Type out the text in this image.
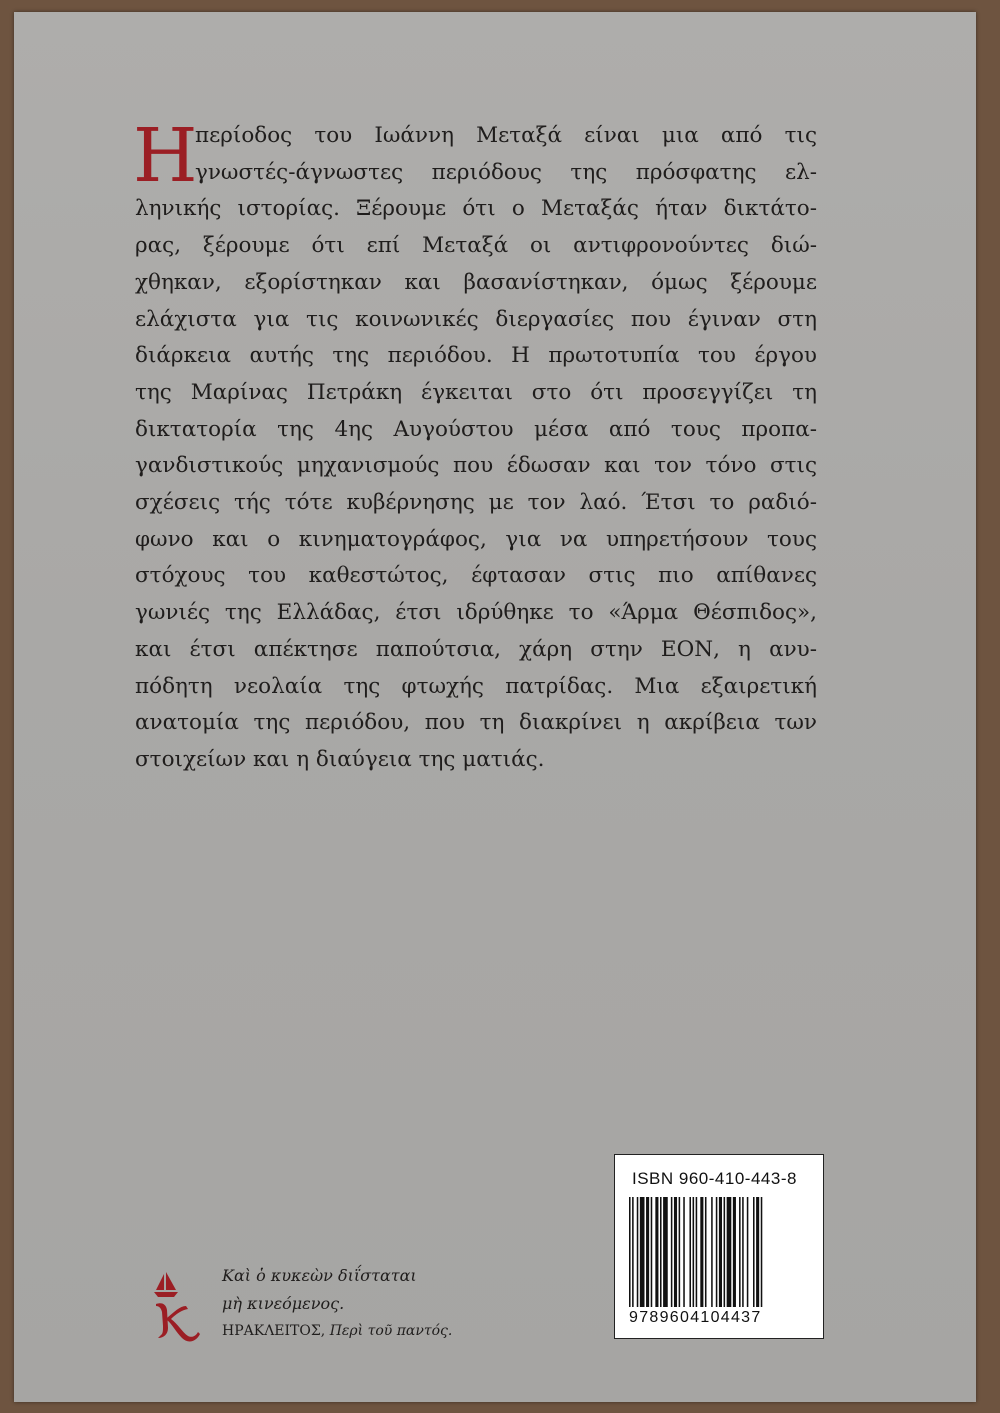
Η
περίοδος του Ιωάννη Μεταξά είναι μια από τις
γνωστές-άγνωστες περιόδους της πρόσφατης ελ-
ληνικής ιστορίας. Ξέρουμε ότι ο Μεταξάς ήταν δικτάτο-
ρας, ξέρουμε ότι επί Μεταξά οι αντιφρονούντες διώ-
χθηκαν, εξορίστηκαν και βασανίστηκαν, όμως ξέρουμε
ελάχιστα για τις κοινωνικές διεργασίες που έγιναν στη
διάρκεια αυτής της περιόδου. Η πρωτοτυπία του έργου
της Μαρίνας Πετράκη έγκειται στο ότι προσεγγίζει τη
δικτατορία της 4ης Αυγούστου μέσα από τους προπα-
γανδιστικούς μηχανισμούς που έδωσαν και τον τόνο στις
σχέσεις τής τότε κυβέρνησης με τον λαό. Έτσι το ραδιό-
φωνο και ο κινηματογράφος, για να υπηρετήσουν τους
στόχους του καθεστώτος, έφτασαν στις πιο απίθανες
γωνιές της Ελλάδας, έτσι ιδρύθηκε το «Άρμα Θέσπιδος»,
και έτσι απέκτησε παπούτσια, χάρη στην ΕΟΝ, η ανυ-
πόδητη νεολαία της φτωχής πατρίδας. Μια εξαιρετική
ανατομία της περιόδου, που τη διακρίνει η ακρίβεια των
στοιχείων και η διαύγεια της ματιάς.
ISBN 960-410-443-8
9789604104437
Καὶ ὁ κυκεὼν διΐσταται
μὴ κινεόμενος.
ΗΡΑΚΛΕΙΤΟΣ, Περὶ τοῦ παντός.
